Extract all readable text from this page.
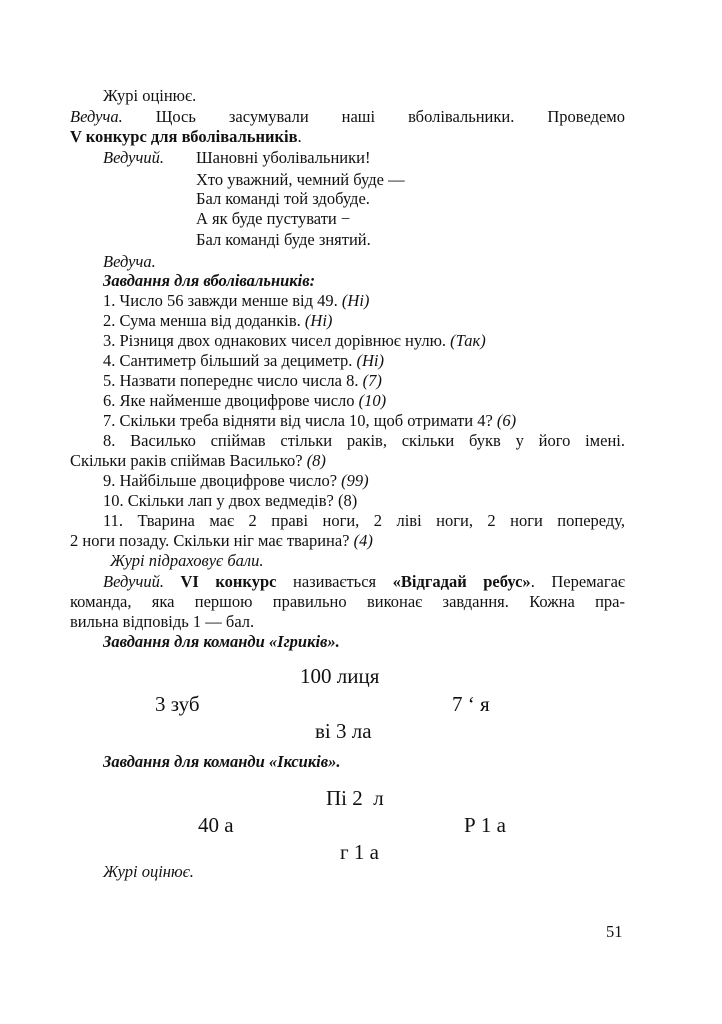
Журі оцінює.
Ведуча. Щось засумували наші вболівальники. Проведемо
V конкурс для вболівальників.
Ведучий. Шановні уболівальники!
Хто уважний, чемний буде —
Бал команді той здобуде.
А як буде пустувати −
Бал команді буде знятий.
Ведуча.
Завдання для вболівальників:
1. Число 56 завжди менше від 49. (Ні)
2. Сума менша від доданків. (Ні)
3. Різниця двох однакових чисел дорівнює нулю. (Так)
4. Сантиметр більший за дециметр. (Ні)
5. Назвати попереднє число числа 8. (7)
6. Яке найменше двоцифрове число (10)
7. Скільки треба відняти від числа 10, щоб отримати 4? (6)
8. Василько спіймав стільки раків, скільки букв у його імені.
Скільки раків спіймав Василько? (8)
9. Найбільше двоцифрове число? (99)
10. Скільки лап у двох ведмедів? (8)
11. Тварина має 2 праві ноги, 2 ліві ноги, 2 ноги попереду,
2 ноги позаду. Скільки ніг має тварина? (4)
Журі підраховує бали.
Ведучий. VI конкурс називається «Відгадай ребус». Перемагає
команда, яка першою правильно виконає завдання. Кожна пра-
вильна відповідь 1 — бал.
Завдання для команди «Ігриків».
100 лиця
3 зуб	7 ‘ я
ві 3 ла
Завдання для команди «Іксиків».
Пі 2  л
40 а	Р 1 а
г 1 а
Журі оцінює.
51
